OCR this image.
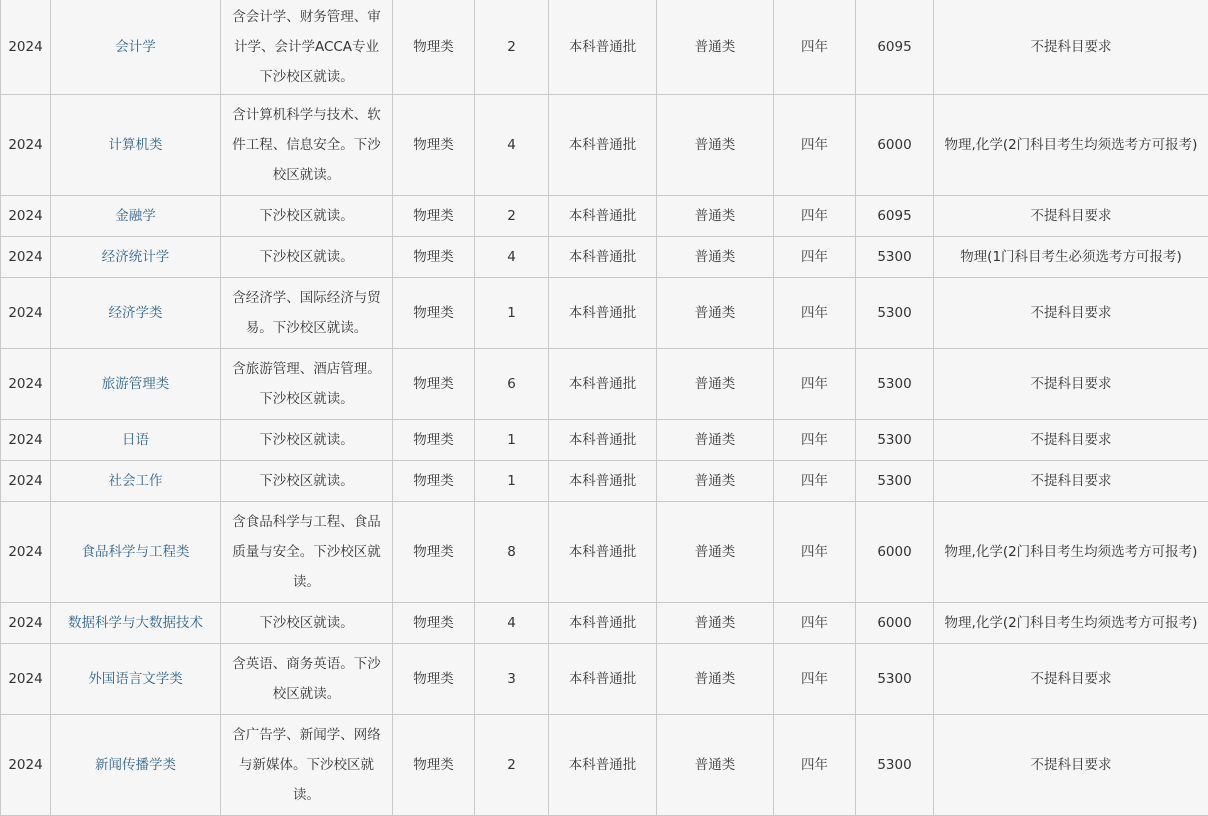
2024	会计学	含会计学、财务管理、审计学、会计学ACCA专业下沙校区就读。	物理类	2	本科普通批	普通类	四年	6095	不提科目要求
2024	计算机类	含计算机科学与技术、软件工程、信息安全。下沙校区就读。	物理类	4	本科普通批	普通类	四年	6000	物理,化学(2门科目考生均须选考方可报考)
2024	金融学	下沙校区就读。	物理类	2	本科普通批	普通类	四年	6095	不提科目要求
2024	经济统计学	下沙校区就读。	物理类	4	本科普通批	普通类	四年	5300	物理(1门科目考生必须选考方可报考)
2024	经济学类	含经济学、国际经济与贸易。下沙校区就读。	物理类	1	本科普通批	普通类	四年	5300	不提科目要求
2024	旅游管理类	含旅游管理、酒店管理。下沙校区就读。	物理类	6	本科普通批	普通类	四年	5300	不提科目要求
2024	日语	下沙校区就读。	物理类	1	本科普通批	普通类	四年	5300	不提科目要求
2024	社会工作	下沙校区就读。	物理类	1	本科普通批	普通类	四年	5300	不提科目要求
2024	食品科学与工程类	含食品科学与工程、食品质量与安全。下沙校区就读。	物理类	8	本科普通批	普通类	四年	6000	物理,化学(2门科目考生均须选考方可报考)
2024	数据科学与大数据技术	下沙校区就读。	物理类	4	本科普通批	普通类	四年	6000	物理,化学(2门科目考生均须选考方可报考)
2024	外国语言文学类	含英语、商务英语。下沙校区就读。	物理类	3	本科普通批	普通类	四年	5300	不提科目要求
2024	新闻传播学类	含广告学、新闻学、网络与新媒体。下沙校区就读。	物理类	2	本科普通批	普通类	四年	5300	不提科目要求
